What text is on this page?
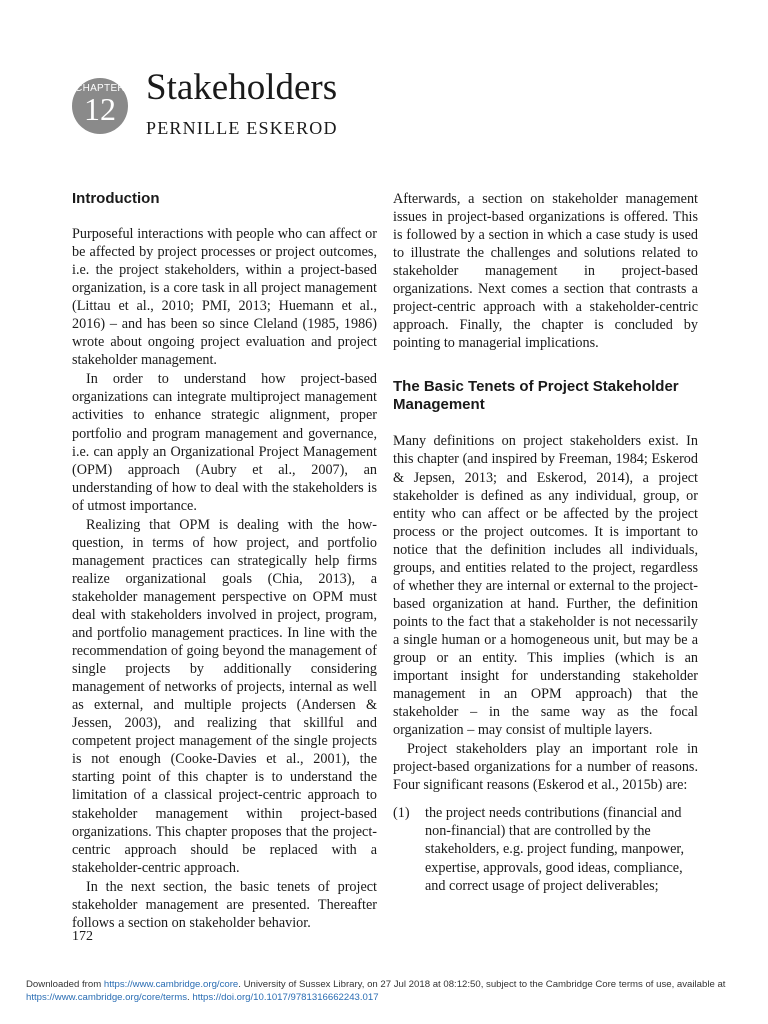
CHAPTER
12
Stakeholders
PERNILLE ESKEROD
Introduction

Purposeful interactions with people who can affect or be affected by project processes or project outcomes, i.e. the project stakeholders, within a project-based organization, is a core task in all project management (Littau et al., 2010; PMI, 2013; Huemann et al., 2016) – and has been so since Cleland (1985, 1986) wrote about ongoing project evaluation and project stakeholder management.

In order to understand how project-based organizations can integrate multiproject management activities to enhance strategic alignment, proper portfolio and program management and governance, i.e. can apply an Organizational Project Management (OPM) approach (Aubry et al., 2007), an understanding of how to deal with the stakeholders is of utmost importance.

Realizing that OPM is dealing with the how-question, in terms of how project, and portfolio management practices can strategically help firms realize organizational goals (Chia, 2013), a stakeholder management perspective on OPM must deal with stakeholders involved in project, program, and portfolio management practices. In line with the recommendation of going beyond the management of single projects by additionally considering management of networks of projects, internal as well as external, and multiple projects (Andersen & Jessen, 2003), and realizing that skillful and competent project management of the single projects is not enough (Cooke-Davies et al., 2001), the starting point of this chapter is to understand the limitation of a classical project-centric approach to stakeholder management within project-based organizations. This chapter proposes that the project-centric approach should be replaced with a stakeholder-centric approach.

In the next section, the basic tenets of project stakeholder management are presented. Thereafter follows a section on stakeholder behavior.

Afterwards, a section on stakeholder management issues in project-based organizations is offered. This is followed by a section in which a case study is used to illustrate the challenges and solutions related to stakeholder management in project-based organizations. Next comes a section that contrasts a project-centric approach with a stakeholder-centric approach. Finally, the chapter is concluded by pointing to managerial implications.

The Basic Tenets of Project Stakeholder Management

Many definitions on project stakeholders exist. In this chapter (and inspired by Freeman, 1984; Eskerod & Jepsen, 2013; and Eskerod, 2014), a project stakeholder is defined as any individual, group, or entity who can affect or be affected by the project process or the project outcomes. It is important to notice that the definition includes all individuals, groups, and entities related to the project, regardless of whether they are internal or external to the project-based organization at hand. Further, the definition points to the fact that a stakeholder is not necessarily a single human or a homogeneous unit, but may be a group or an entity. This implies (which is an important insight for understanding stakeholder management in an OPM approach) that the stakeholder – in the same way as the focal organization – may consist of multiple layers.

Project stakeholders play an important role in project-based organizations for a number of reasons. Four significant reasons (Eskerod et al., 2015b) are:

(1)	the project needs contributions (financial and non-financial) that are controlled by the stakeholders, e.g. project funding, manpower, expertise, approvals, good ideas, compliance, and correct usage of project deliverables;
172
Downloaded from https://www.cambridge.org/core. University of Sussex Library, on 27 Jul 2018 at 08:12:50, subject to the Cambridge Core terms of use, available at https://www.cambridge.org/core/terms. https://doi.org/10.1017/9781316662243.017
